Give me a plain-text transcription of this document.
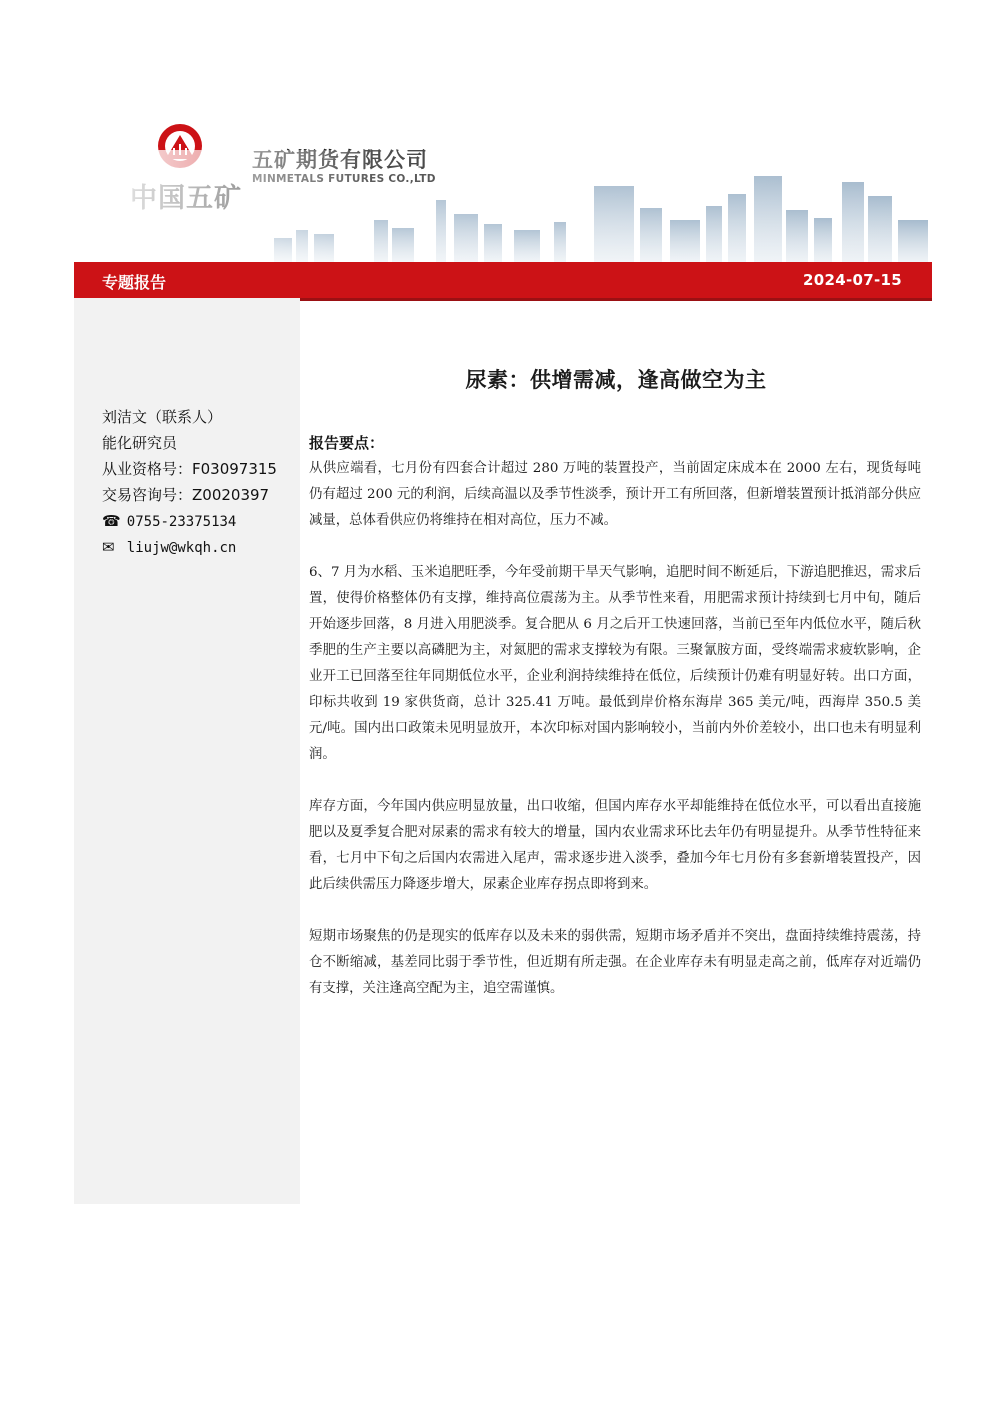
专题报告	2024-07-15
刘洁文（联系人）
能化研究员
从业资格号：F03097315
交易咨询号：Z0020397
☎ 0755-23375134
✉ liujw@wkqh.cn
尿素：供增需减，逢高做空为主
报告要点：

从供应端看，七月份有四套合计超过 280 万吨的装置投产，当前固定床成本在 2000 左右，现货每吨仍有超过 200 元的利润，后续高温以及季节性淡季，预计开工有所回落，但新增装置预计抵消部分供应减量，总体看供应仍将维持在相对高位，压力不减。

6、7 月为水稻、玉米追肥旺季，今年受前期干旱天气影响，追肥时间不断延后，下游追肥推迟，需求后置，使得价格整体仍有支撑，维持高位震荡为主。从季节性来看，用肥需求预计持续到七月中旬，随后开始逐步回落，8 月进入用肥淡季。复合肥从 6 月之后开工快速回落，当前已至年内低位水平，随后秋季肥的生产主要以高磷肥为主，对氮肥的需求支撑较为有限。三聚氰胺方面，受终端需求疲软影响，企业开工已回落至往年同期低位水平，企业利润持续维持在低位，后续预计仍难有明显好转。出口方面，印标共收到 19 家供货商，总计 325.41 万吨。最低到岸价格东海岸 365 美元/吨，西海岸 350.5 美元/吨。国内出口政策未见明显放开，本次印标对国内影响较小，当前内外价差较小，出口也未有明显利润。

库存方面，今年国内供应明显放量，出口收缩，但国内库存水平却能维持在低位水平，可以看出直接施肥以及夏季复合肥对尿素的需求有较大的增量，国内农业需求环比去年仍有明显提升。从季节性特征来看，七月中下旬之后国内农需进入尾声，需求逐步进入淡季，叠加今年七月份有多套新增装置投产，因此后续供需压力降逐步增大，尿素企业库存拐点即将到来。

短期市场聚焦的仍是现实的低库存以及未来的弱供需，短期市场矛盾并不突出，盘面持续维持震荡，持仓不断缩减，基差同比弱于季节性，但近期有所走强。在企业库存未有明显走高之前，低库存对近端仍有支撑，关注逢高空配为主，追空需谨慎。
